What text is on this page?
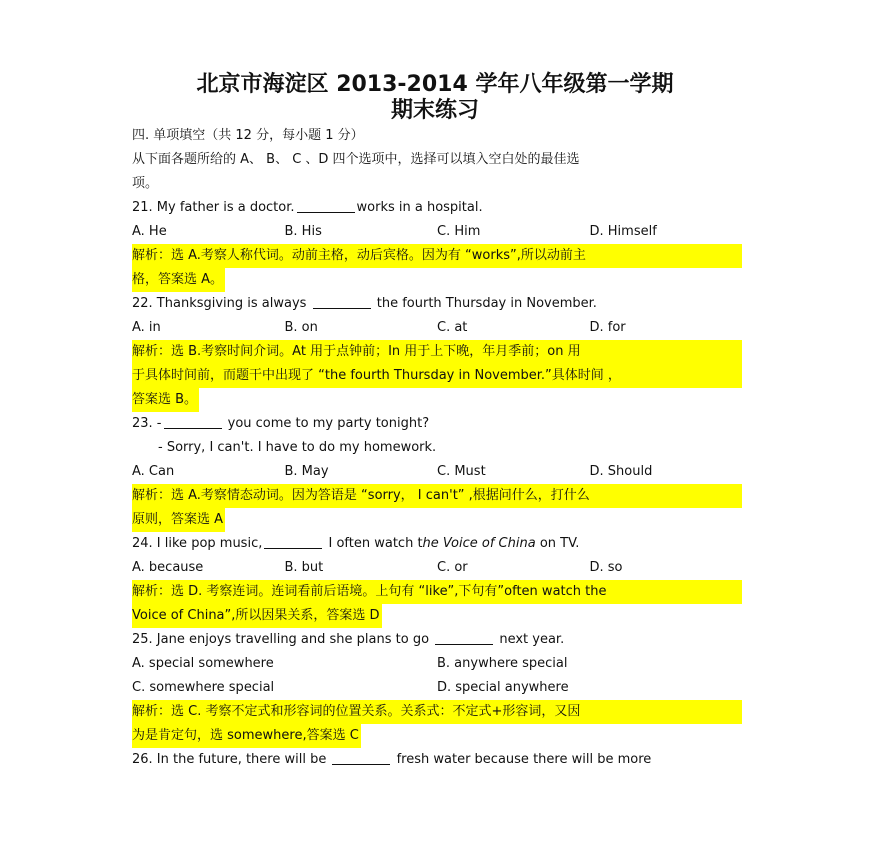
北京市海淀区 2013-2014 学年八年级第一学期
期末练习
四. 单项填空（共 12 分，每小题 1 分）
从下面各题所给的 A、 B、 C 、D 四个选项中，选择可以填入空白处的最佳选
项。
21. My father is a doctor.	works in a hospital.
A. He	B. His	C. Him	D. Himself
解析：选 A.考察人称代词。动前主格，动后宾格。因为有 “works”,所以动前主
格，答案选 A。
22. Thanksgiving is always	the fourth Thursday in November.
A. in	B. on	C. at	D. for
解析：选 B.考察时间介词。At 用于点钟前；In 用于上下晚，年月季前；on 用
于具体时间前，而题干中出现了 “the fourth Thursday in November.”具体时间 ，
答案选 B。
23. -	you come to my party tonight?
- Sorry, I can't. I have to do my homework.
A. Can	B. May	C. Must	D. Should
解析：选 A.考察情态动词。因为答语是 “sorry， I can't” ,根据问什么，打什么
原则，答案选 A
24. I like pop music,	I often watch the Voice of China on TV.
A. because	B. but	C. or	D. so
解析：选 D. 考察连词。连词看前后语境。上句有 “like”,下句有”often watch the
Voice of China”,所以因果关系，答案选 D
25. Jane enjoys travelling and she plans to go	next year.
A. special somewhere	B. anywhere special
C. somewhere special	D. special anywhere
解析：选 C. 考察不定式和形容词的位置关系。关系式：不定式+形容词，又因
为是肯定句，选 somewhere,答案选 C
26. In the future, there will be	fresh water because there will be more
